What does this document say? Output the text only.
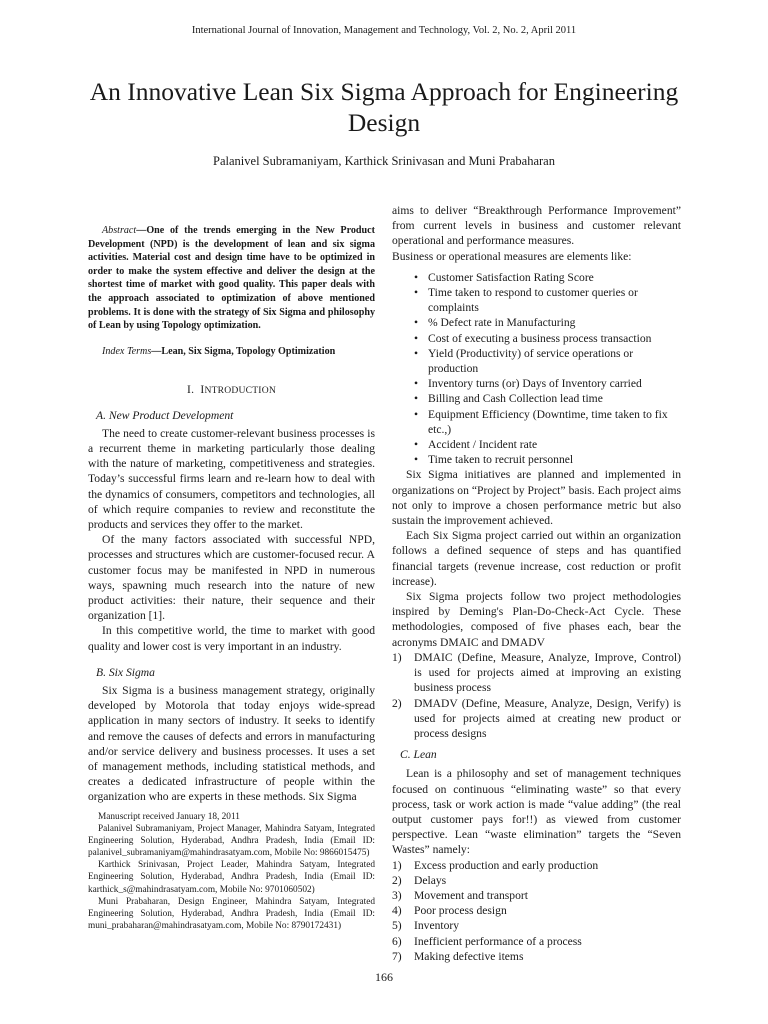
International Journal of Innovation, Management and Technology, Vol. 2, No. 2, April 2011
An Innovative Lean Six Sigma Approach for Engineering Design
Palanivel Subramaniyam, Karthick Srinivasan and Muni Prabaharan

Abstract—One of the trends emerging in the New Product Development (NPD) is the development of lean and six sigma activities. Material cost and design time have to be optimized in order to make the system effective and deliver the design at the shortest time of market with good quality. This paper deals with the approach associated to optimization of above mentioned problems. It is done with the strategy of Six Sigma and philosophy of Lean by using Topology optimization.

Index Terms—Lean, Six Sigma, Topology Optimization

I. INTRODUCTION
A. New Product Development

The need to create customer-relevant business processes is a recurrent theme in marketing particularly those dealing with the nature of marketing, competitiveness and strategies. Today’s successful firms learn and re-learn how to deal with the dynamics of consumers, competitors and technologies, all of which require companies to review and reconstitute the products and services they offer to the market.

Of the many factors associated with successful NPD, processes and structures which are customer-focused recur. A customer focus may be manifested in NPD in numerous ways, spawning much research into the nature of new product activities: their nature, their sequence and their organization [1].

In this competitive world, the time to market with good quality and lower cost is very important in an industry.

B. Six Sigma

Six Sigma is a business management strategy, originally developed by Motorola that today enjoys wide-spread application in many sectors of industry. It seeks to identify and remove the causes of defects and errors in manufacturing and/or service delivery and business processes. It uses a set of management methods, including statistical methods, and creates a dedicated infrastructure of people within the organization who are experts in these methods. Six Sigma

Manuscript received January 18, 2011

Palanivel Subramaniyam, Project Manager, Mahindra Satyam, Integrated Engineering Solution, Hyderabad, Andhra Pradesh, India (Email ID: palanivel_subramaniyam@mahindrasatyam.com, Mobile No: 9866015475)

Karthick Srinivasan, Project Leader, Mahindra Satyam, Integrated Engineering Solution, Hyderabad, Andhra Pradesh, India (Email ID: karthick_s@mahindrasatyam.com, Mobile No: 9701060502)

Muni Prabaharan, Design Engineer, Mahindra Satyam, Integrated Engineering Solution, Hyderabad, Andhra Pradesh, India (Email ID: muni_prabaharan@mahindrasatyam.com, Mobile No: 8790172431)

aims to deliver “Breakthrough Performance Improvement” from current levels in business and customer relevant operational and performance measures.

Business or operational measures are elements like:

• Customer Satisfaction Rating Score
• Time taken to respond to customer queries or complaints
• % Defect rate in Manufacturing
• Cost of executing a business process transaction
• Yield (Productivity) of service operations or production
• Inventory turns (or) Days of Inventory carried
• Billing and Cash Collection lead time
• Equipment Efficiency (Downtime, time taken to fix etc.,)
• Accident / Incident rate
• Time taken to recruit personnel

Six Sigma initiatives are planned and implemented in organizations on “Project by Project” basis. Each project aims not only to improve a chosen performance metric but also sustain the improvement achieved.

Each Six Sigma project carried out within an organization follows a defined sequence of steps and has quantified financial targets (revenue increase, cost reduction or profit increase).

Six Sigma projects follow two project methodologies inspired by Deming's Plan-Do-Check-Act Cycle. These methodologies, composed of five phases each, bear the acronyms DMAIC and DMADV

1) DMAIC (Define, Measure, Analyze, Improve, Control) is used for projects aimed at improving an existing business process
2) DMADV (Define, Measure, Analyze, Design, Verify) is used for projects aimed at creating new product or process designs
C. Lean

Lean is a philosophy and set of management techniques focused on continuous “eliminating waste” so that every process, task or work action is made “value adding” (the real output customer pays for!!) as viewed from customer perspective. Lean “waste elimination” targets the “Seven Wastes” namely:

1) Excess production and early production
2) Delays
3) Movement and transport
4) Poor process design
5) Inventory
6) Inefficient performance of a process
7) Making defective items
166
